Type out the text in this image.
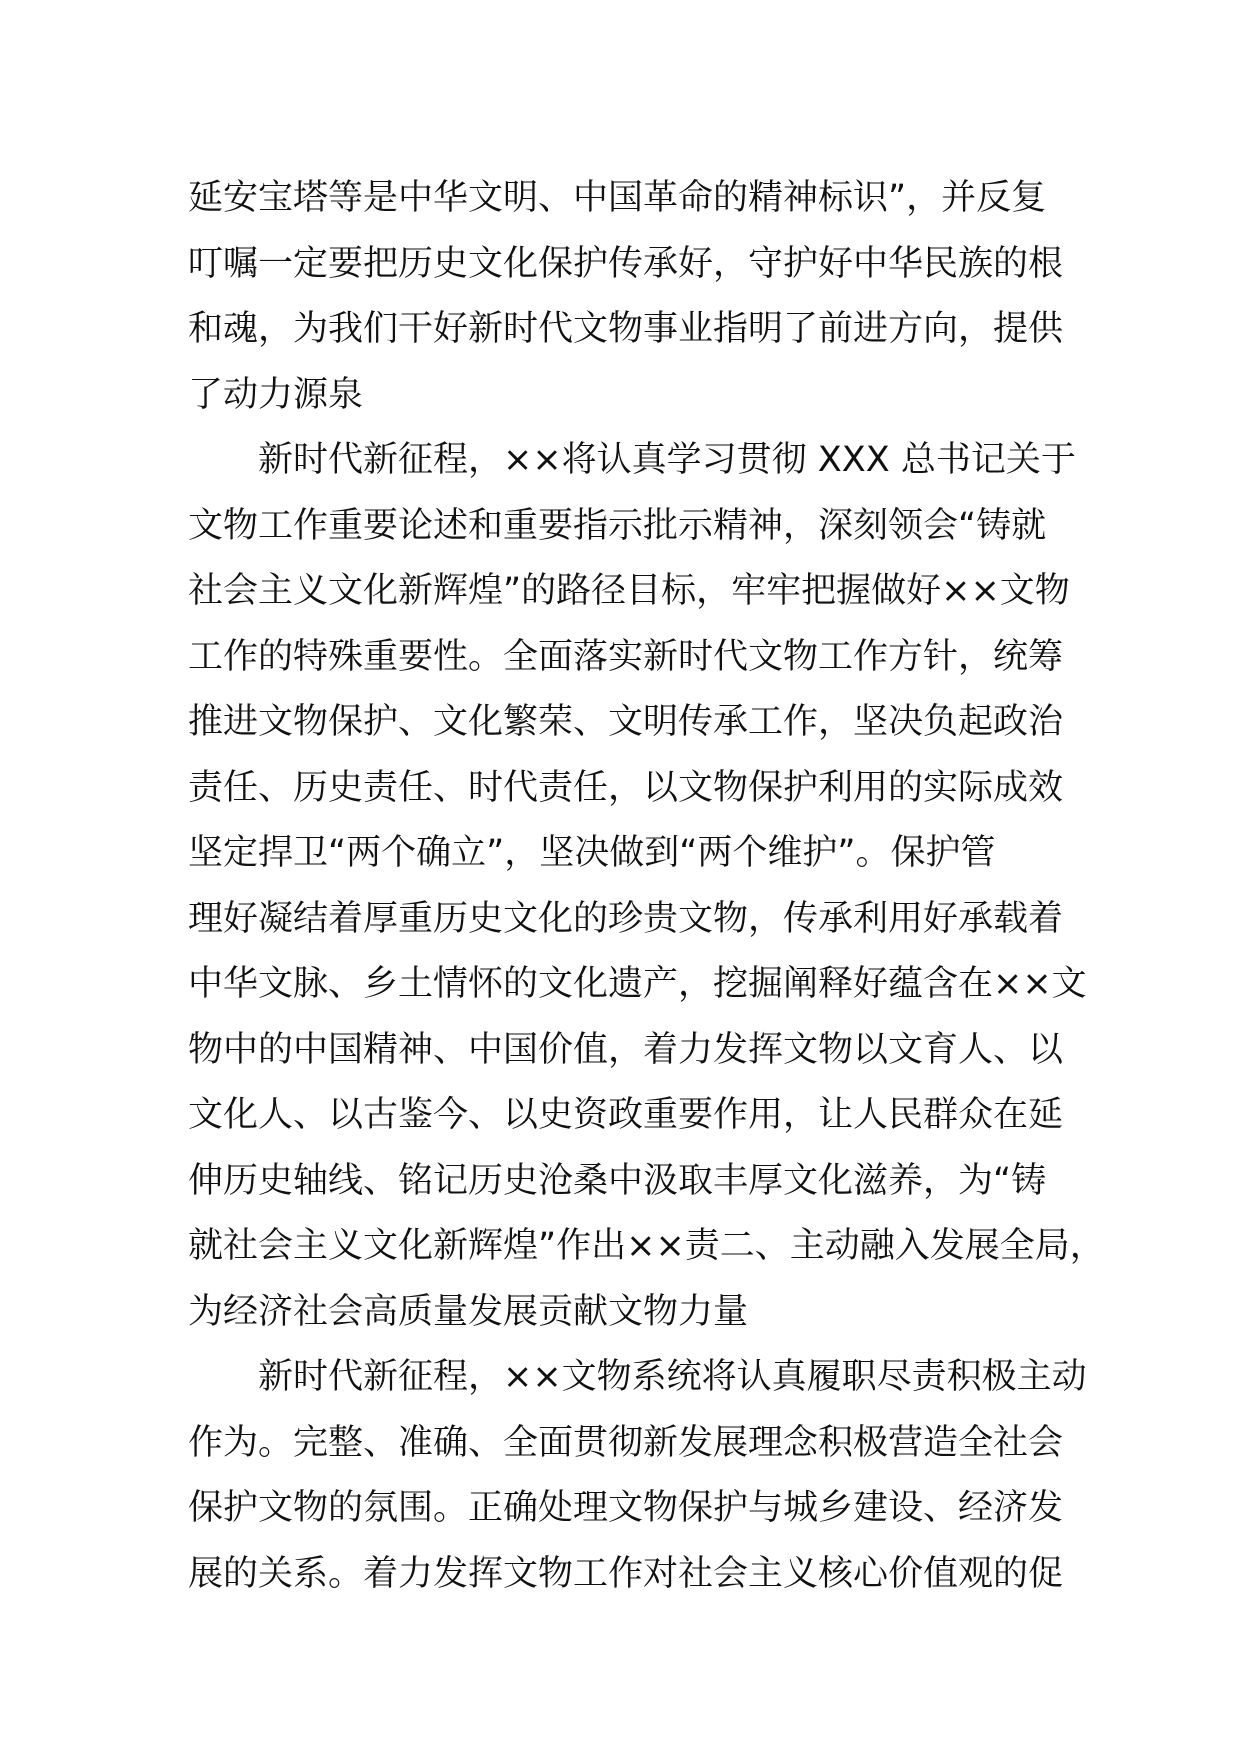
延安宝塔等是中华文明、中国革命的精神标识”，并反复
叮嘱一定要把历史文化保护传承好，守护好中华民族的根
和魂，为我们干好新时代文物事业指明了前进方向，提供
了动力源泉
新时代新征程，××将认真学习贯彻 XXX 总书记关于
文物工作重要论述和重要指示批示精神，深刻领会“铸就
社会主义文化新辉煌”的路径目标，牢牢把握做好××文物
工作的特殊重要性。全面落实新时代文物工作方针，统筹
推进文物保护、文化繁荣、文明传承工作，坚决负起政治
责任、历史责任、时代责任，以文物保护利用的实际成效
坚定捍卫“两个确立”，坚决做到“两个维护”。保护管
理好凝结着厚重历史文化的珍贵文物，传承利用好承载着
中华文脉、乡土情怀的文化遗产，挖掘阐释好蕴含在××文
物中的中国精神、中国价值，着力发挥文物以文育人、以
文化人、以古鉴今、以史资政重要作用，让人民群众在延
伸历史轴线、铭记历史沧桑中汲取丰厚文化滋养，为“铸
就社会主义文化新辉煌”作出××责二、主动融入发展全局，
为经济社会高质量发展贡献文物力量
新时代新征程，××文物系统将认真履职尽责积极主动
作为。完整、准确、全面贯彻新发展理念积极营造全社会
保护文物的氛围。正确处理文物保护与城乡建设、经济发
展的关系。着力发挥文物工作对社会主义核心价值观的促
